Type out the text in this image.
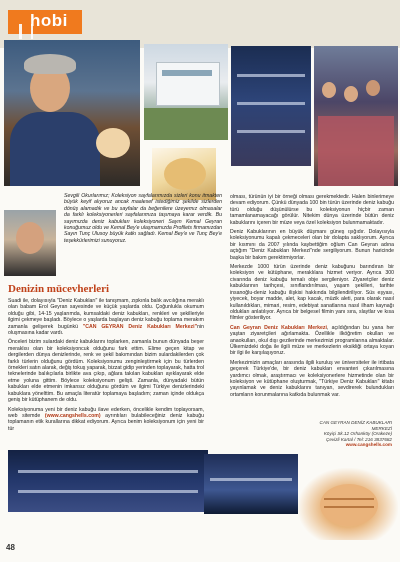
hobi

Sevgili Okurlarımız; Koleksiyon sayfalarımızda sizleri konu itmakten büyük keyif alıyoruz ancak maalesef istediğimiz şekilde sizlerden dönüş alamadık ve bu sayfalar da beğenilere üzeyemız olmasalar da farklı koleksiyonerleri sayfalarımıza taşımaya karar verdik. Bu sayımızda deniz kabukları koleksiyoneri Sayın Kemal Geyran konuğumuz oldu ve Kemal Bey'e ulaşmamızda Profilets firmamızdan Sayın Tunç Ulusoy büyük katkı sağladı. Kemal Bey'e ve Tunç Bey'e teşekkürlerimizi sunuyoruz.

Denizin mücevherleri

Suadi ile, dolayısıyla "Deniz Kabukları" ile tanışmam, zıpkınla balık avcılığına meraklı olan babam Erol Geyran sayesinde ve küçük yaşlarda oldu. Çoğunlukla okumum olduğu gibi, 14-15 yaşlarımda, kumsaldaki deniz kabukları, renkleri ve şekilleriyle ilgimi çekmeye başladı. Böylece o yaşlarda başlayan deniz kabuğu toplama merakım zamanla gelişerek bugünkü "CAN GEYRAN Deniz Kabukları Merkezi"nin oluşmasına kadar vardı.

Önceleri bizim sulardaki deniz kabuklarını toplarken, zamanla bunun dünyada beşer meraklısı olan bir koleksiyoncuk olduğunu fark ettim. Elime geçen kitap ve dergilerden dünya denizlerinde, renk ve şekil bakımından bizim sulardakilerden çok farklı türlerin olduğunu gördüm. Koleksiyonumu zenginleştirmek için bu türlerden örnekleri satın alarak, değiş tokuş yaparak, bizzat gidip yerinden toplayarak, hatta trol teknelerinde balıkçılarla birlikte ava çıkıp, ağlara takılan kabukları ayıklayarak elde etme yoluna gittim. Böylece koleksiyonum gelişti. Zamanla, dünyadaki bütün kabukları elde etmenin imkansız olduğunu gördüm ve ilgimi Türkiye denizlerindeki kabuklara yönelttim. Bu amaçla literatür toplamaya başladım; zaman içinde oldukça geniş bir kütüphanem de oldu.

Koleksiyonuma yeni bir deniz kabuğu ilave ederken, öncelikle kendim toplayorsam, web sitemde (www.cangshells.com) ayrıntıları bulabileceğiniz deniz kabuğu toplamanın etik kurallarına dikkat ediyorum. Ayrıca benim koleksiyonum için yeni bir tür

olması, türünün iyi bir örneği olması gerekmektedir. Halen binlerimeye devam ediyorum. Çünkü dünyada 100 bin türün üzerinde deniz kabuğu türü olduğu düşünülürse bu koleksiyonun hiçbir zaman tamamlanamayacağı görülür. Nitekim dünya üzerinde bütün deniz kabuklarını içeren bir müze veya özel koleksiyon bulunmamaktadır.

Deniz Kabuklarının en büyük düşmanı güneş ışığıdır. Dolayısıyla koleksiyonumu kapalı çekmeceleri olan bir dolapta saklıyorum. Ayrıca bir kısmını da 2007 yılında kaybettiğim oğlum Can Geyran adına açtığım "Deniz Kabukları Merkezi"nde sergiliyorum. Bunun haricinde başka bir bakım gerektirmiyorlar.

Merkezde 1000 türün üzerinde deniz kabuğunu barındıran bir koleksiyon ve kütüphane, meraklılara hizmet veriyor. Ayrıca 300 civarında deniz kabuğu temalı obje sergileniyor. Ziyaretçiler deniz kabuklarının tarihçesi, sınıflandırılması, yaşam şekilleri, tarihte insanoğlu-deniz kabuğu ilişkisi hakkında bilgilendiriliyor. Süs eşyası, yiyecek, boyar madde, alet, kap kacak, müzik aleti, para olarak nasıl kullanıldıkları, mimari, resim, edebiyat sanatlarına nasıl ilham kaynağı oldukları anlatılıyor. Ayrıca bir belgesel filmin yanı sıra, slaytlar ve kısa filmler gösteriliyor.

Can Geyran Deniz Kabukları Merkezi, açıldığından bu yana her yaştan ziyaretçileri ağırlamakta. Özellikle ilköğretim okulları ve anaokulları, okul dışı gezilerinde merkezimizi programlarına almaktalar. Ülkemizdeki doğa ile ilgili müze ve merkezlerin eksikliği ortaya koyan bir ilgi ile karşılaşıyoruz.

Merkezimizin amaçları arasında ilgili kuruluş ve üniversiteler ile irtibata geçerek Türkiye'de, bir deniz kabukları envanteri çıkarılmasına yardımcı olmak, araştırmacı ve koleksiyonerlere hizmetinde olan bir koleksiyon ve kütüphane oluşturmak, "Türkiye Deniz Kabukları" kitabı yayınlamak ve deniz kabuklarını tanıyan, sevdirerek bulundukları ortamların korunmalarına katkıda bulunmak var.

CAN GEYRAN DENİZ KABUKLARI MERKEZİ
Köyiçi Sk.12 Orhanköy (Orakeze)
Çevizli Kartal / Tel: 216 3837682
www.cangshells.com
48
